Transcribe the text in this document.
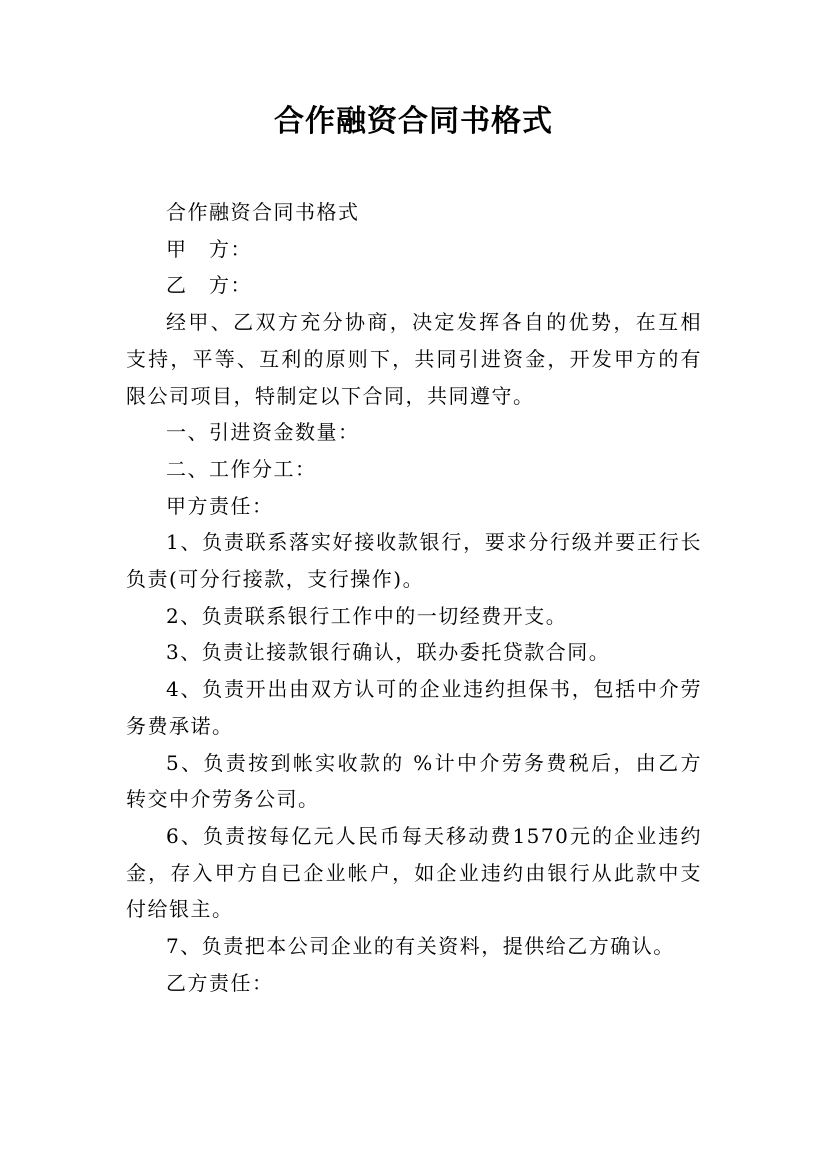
合作融资合同书格式

合作融资合同书格式

甲　方：

乙　方：

经甲、乙双方充分协商，决定发挥各自的优势，在互相支持，平等、互利的原则下，共同引进资金，开发甲方的有限公司项目，特制定以下合同，共同遵守。

一、引进资金数量：

二、工作分工：

甲方责任：

1、负责联系落实好接收款银行，要求分行级并要正行长负责(可分行接款，支行操作)。

2、负责联系银行工作中的一切经费开支。

3、负责让接款银行确认，联办委托贷款合同。

4、负责开出由双方认可的企业违约担保书，包括中介劳务费承诺。

5、负责按到帐实收款的 %计中介劳务费税后，由乙方转交中介劳务公司。

6、负责按每亿元人民币每天移动费1570元的企业违约金，存入甲方自已企业帐户，如企业违约由银行从此款中支付给银主。

7、负责把本公司企业的有关资料，提供给乙方确认。

乙方责任：
